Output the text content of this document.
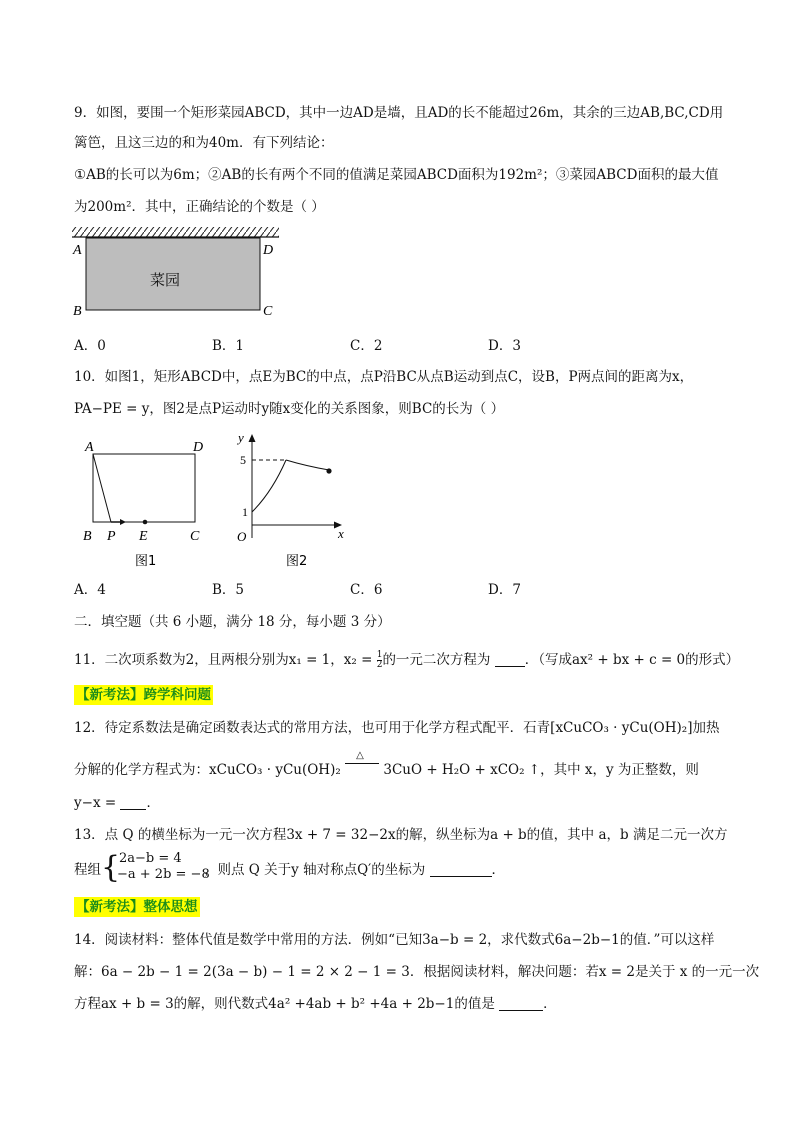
9．如图，要围一个矩形菜园ABCD，其中一边AD是墙，且AD的长不能超过26m，其余的三边AB,BC,CD用
篱笆，且这三边的和为40m．有下列结论：
①AB的长可以为6m；②AB的长有两个不同的值满足菜园ABCD面积为192m²；③菜园ABCD面积的最大值
为200m²．其中，正确结论的个数是（ ）
菜园
A
B	C
D
A．0	B．1	C．2	D．3
10．如图1，矩形ABCD中，点E为BC的中点，点P沿BC从点B运动到点C，设B，P两点间的距离为x，
PA−PE = y，图2是点P运动时y随x变化的关系图象，则BC的长为（ ）
A	D
B P E	C
图1
y
x
O
5
1
图2
A．4	B．5	C．6	D．7
二．填空题（共 6 小题，满分 18 分，每小题 3 分）
11．二次项系数为2，且两根分别为x₁ = 1，$x_2 = \frac{1}{2}$ 的一元二次方程为	．（写成ax² + bx + c = 0的形式）
【新考法】跨学科问题
12．待定系数法是确定函数表达式的常用方法，也可用于化学方程式配平．石青[xCuCO₃ · yCu(OH)₂]加热
分解的化学方程式为：xCuCO₃ · yCu(OH)₂
△
3CuO + H₂O + xCO₂ ↑，其中 x，y 为正整数，则
y−x = ．
13．点 Q 的横坐标为一元一次方程3x + 7 = 32−2x的解，纵坐标为a + b的值，其中 a，b 满足二元一次方
程组 {
2a−b = 4
−a + 2b = −8
，则点 Q 关于y 轴对称点Q′的坐标为	．
【新考法】整体思想
14．阅读材料：整体代值是数学中常用的方法．例如“已知3a−b = 2，求代数式6a−2b−1的值．”可以这样
解：6a − 2b − 1 = 2(3a − b) − 1 = 2 × 2 − 1 = 3．根据阅读材料，解决问题：若x = 2是关于 x 的一元一次
方程ax + b = 3的解，则代数式4a² +4ab + b² +4a + 2b−1的值是	．
